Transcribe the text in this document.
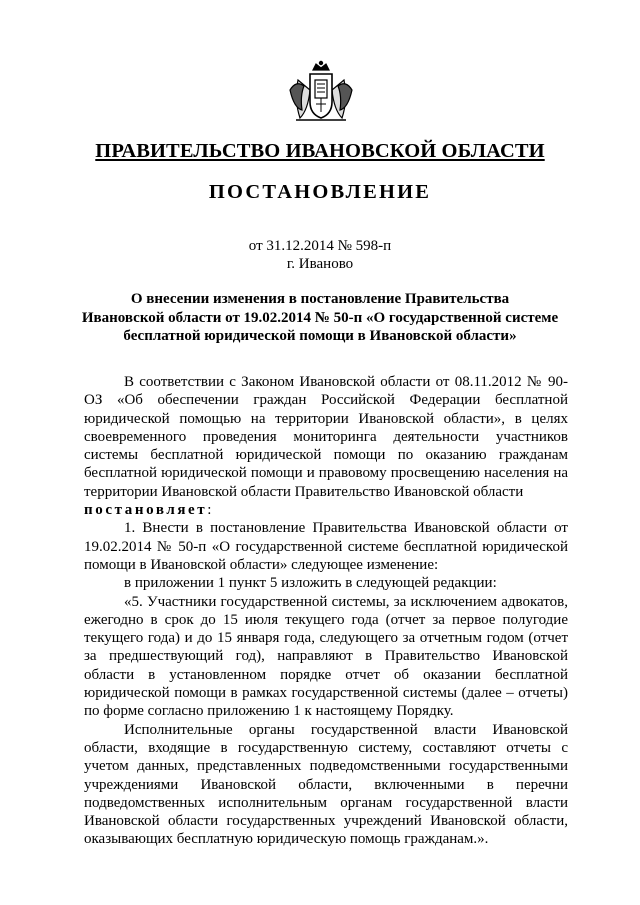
ПРАВИТЕЛЬСТВО ИВАНОВСКОЙ ОБЛАСТИ
ПОСТАНОВЛЕНИЕ
от 31.12.2014 № 598-п
г. Иваново
О внесении изменения в постановление Правительства
Ивановской области от 19.02.2014 № 50-п «О государственной системе
бесплатной юридической помощи в Ивановской области»

В соответствии с Законом Ивановской области от 08.11.2012 № 90-ОЗ «Об обеспечении граждан Российской Федерации бесплатной юридической помощью на территории Ивановской области», в целях своевременного проведения мониторинга деятельности участников системы бесплатной юридической помощи по оказанию гражданам бесплатной юридической помощи и правовому просвещению населения на территории Ивановской области Правительство Ивановской области

постановляет:

1. Внести в постановление Правительства Ивановской области от 19.02.2014 № 50-п «О государственной системе бесплатной юридической помощи в Ивановской области» следующее изменение:

в приложении 1 пункт 5 изложить в следующей редакции:

«5. Участники государственной системы, за исключением адвокатов, ежегодно в срок до 15 июля текущего года (отчет за первое полугодие текущего года) и до 15 января года, следующего за отчетным годом (отчет за предшествующий год), направляют в Правительство Ивановской области в установленном порядке отчет об оказании бесплатной юридической помощи в рамках государственной системы (далее – отчеты) по форме согласно приложению 1 к настоящему Порядку.

Исполнительные органы государственной власти Ивановской области, входящие в государственную систему, составляют отчеты с учетом данных, представленных подведомственными государственными учреждениями Ивановской области, включенными в перечни подведомственных исполнительным органам государственной власти Ивановской области государственных учреждений Ивановской области, оказывающих бесплатную юридическую помощь гражданам.».
